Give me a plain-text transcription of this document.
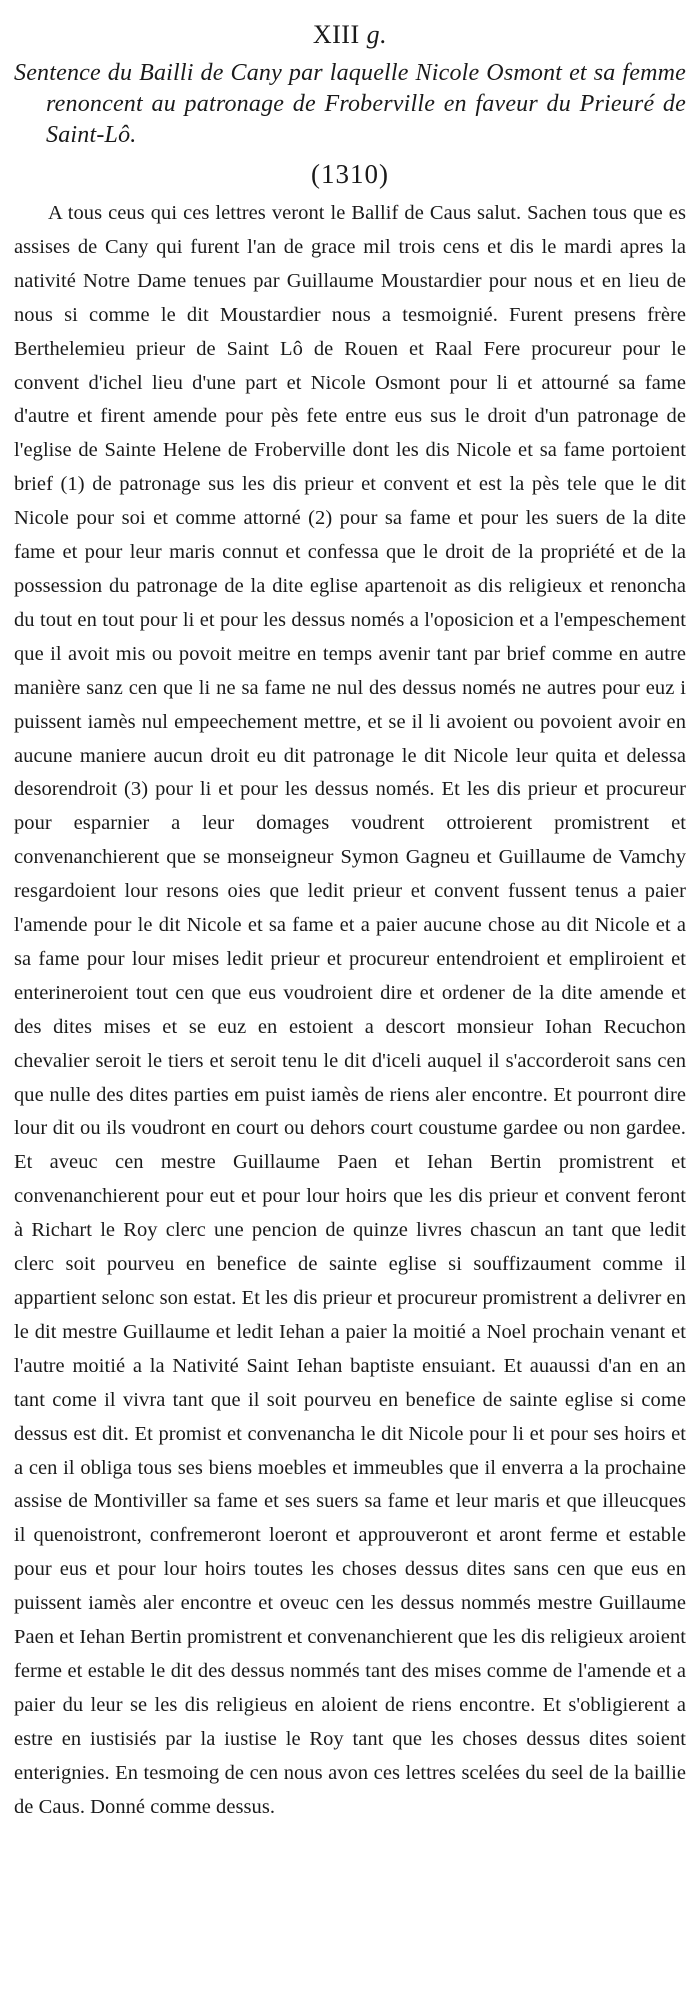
XIII g.
Sentence du Bailli de Cany par laquelle Nicole Osmont et sa femme renoncent au patronage de Froberville en faveur du Prieuré de Saint-Lô.
(1310)

A tous ceus qui ces lettres veront le Ballif de Caus salut. Sachen tous que es assises de Cany qui furent l'an de grace mil trois cens et dis le mardi apres la nativité Notre Dame tenues par Guillaume Moustardier pour nous et en lieu de nous si comme le dit Moustardier nous a tesmoignié. Furent presens frère Berthelemieu prieur de Saint Lô de Rouen et Raal Fere procureur pour le convent d'ichel lieu d'une part et Nicole Osmont pour li et attourné sa fame d'autre et firent amende pour pès fete entre eus sus le droit d'un patronage de l'eglise de Sainte Helene de Froberville dont les dis Nicole et sa fame portoient brief (1) de patronage sus les dis prieur et convent et est la pès tele que le dit Nicole pour soi et comme attorné (2) pour sa fame et pour les suers de la dite fame et pour leur maris connut et confessa que le droit de la propriété et de la possession du patronage de la dite eglise apartenoit as dis religieux et renoncha du tout en tout pour li et pour les dessus només a l'oposicion et a l'empeschement que il avoit mis ou povoit meitre en temps avenir tant par brief comme en autre manière sanz cen que li ne sa fame ne nul des dessus només ne autres pour euz i puissent iamès nul empeechement mettre, et se il li avoient ou povoient avoir en aucune maniere aucun droit eu dit patronage le dit Nicole leur quita et delessa desorendroit (3) pour li et pour les dessus només. Et les dis prieur et procureur pour esparnier a leur domages voudrent ottroierent promistrent et convenanchierent que se monseigneur Symon Gagneu et Guillaume de Vamchy resgardoient lour resons oies que ledit prieur et convent fussent tenus a paier l'amende pour le dit Nicole et sa fame et a paier aucune chose au dit Nicole et a sa fame pour lour mises ledit prieur et procureur entendroient et empliroient et enterineroient tout cen que eus voudroient dire et ordener de la dite amende et des dites mises et se euz en estoient a descort monsieur Iohan Recuchon chevalier seroit le tiers et seroit tenu le dit d'iceli auquel il s'accorderoit sans cen que nulle des dites parties em puist iamès de riens aler encontre. Et pourront dire lour dit ou ils voudront en court ou dehors court coustume gardee ou non gardee. Et aveuc cen mestre Guillaume Paen et Iehan Bertin promistrent et convenanchierent pour eut et pour lour hoirs que les dis prieur et convent feront à Richart le Roy clerc une pencion de quinze livres chascun an tant que ledit clerc soit pourveu en benefice de sainte eglise si souffizaument comme il appartient selonc son estat. Et les dis prieur et procureur promistrent a delivrer en le dit mestre Guillaume et ledit Iehan a paier la moitié a Noel prochain venant et l'autre moitié a la Nativité Saint Iehan baptiste ensuiant. Et auaussi d'an en an tant come il vivra tant que il soit pourveu en benefice de sainte eglise si come dessus est dit. Et promist et convenancha le dit Nicole pour li et pour ses hoirs et a cen il obliga tous ses biens moebles et immeubles que il enverra a la prochaine assise de Montiviller sa fame et ses suers sa fame et leur maris et que illeucques il quenoistront, confremeront loeront et approuveront et aront ferme et estable pour eus et pour lour hoirs toutes les choses dessus dites sans cen que eus en puissent iamès aler encontre et oveuc cen les dessus nommés mestre Guillaume Paen et Iehan Bertin promistrent et convenanchierent que les dis religieux aroient ferme et estable le dit des dessus nommés tant des mises comme de l'amende et a paier du leur se les dis religieus en aloient de riens encontre. Et s'obligierent a estre en iustisiés par la iustise le Roy tant que les choses dessus dites soient enterignies. En tesmoing de cen nous avon ces lettres scelées du seel de la baillie de Caus. Donné comme dessus.
